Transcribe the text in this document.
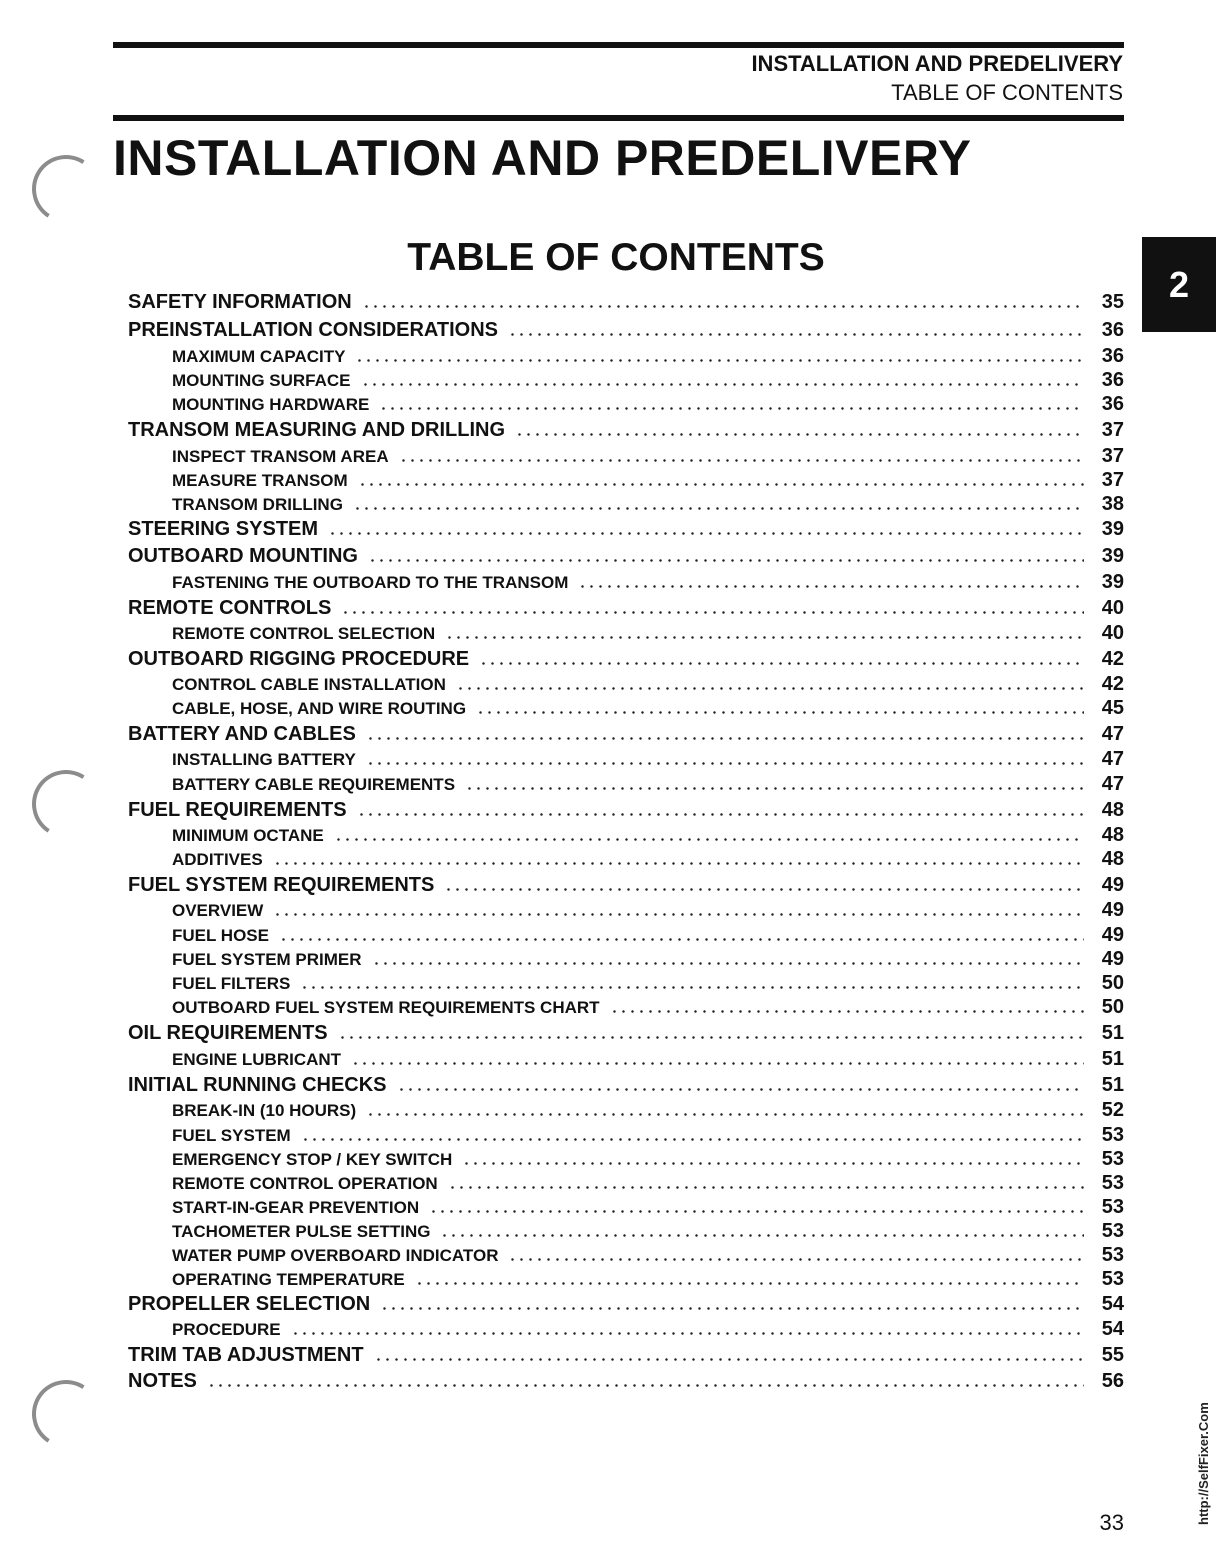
INSTALLATION AND PREDELIVERY
TABLE OF CONTENTS
INSTALLATION AND PREDELIVERY
TABLE OF CONTENTS
2
SAFETY INFORMATION	35
PREINSTALLATION CONSIDERATIONS	36
MAXIMUM CAPACITY	36
MOUNTING SURFACE	36
MOUNTING HARDWARE	36
TRANSOM MEASURING AND DRILLING	37
INSPECT TRANSOM AREA	37
MEASURE TRANSOM	37
TRANSOM DRILLING	38
STEERING SYSTEM	39
OUTBOARD MOUNTING	39
FASTENING THE OUTBOARD TO THE TRANSOM	39
REMOTE CONTROLS	40
REMOTE CONTROL SELECTION	40
OUTBOARD RIGGING PROCEDURE	42
CONTROL CABLE INSTALLATION	42
CABLE, HOSE, AND WIRE ROUTING	45
BATTERY AND CABLES	47
INSTALLING BATTERY	47
BATTERY CABLE REQUIREMENTS	47
FUEL REQUIREMENTS	48
MINIMUM OCTANE	48
ADDITIVES	48
FUEL SYSTEM REQUIREMENTS	49
OVERVIEW	49
FUEL HOSE	49
FUEL SYSTEM PRIMER	49
FUEL FILTERS	50
OUTBOARD FUEL SYSTEM REQUIREMENTS CHART	50
OIL REQUIREMENTS	51
ENGINE LUBRICANT	51
INITIAL RUNNING CHECKS	51
BREAK-IN (10 HOURS)	52
FUEL SYSTEM	53
EMERGENCY STOP / KEY SWITCH	53
REMOTE CONTROL OPERATION	53
START-IN-GEAR PREVENTION	53
TACHOMETER PULSE SETTING	53
WATER PUMP OVERBOARD INDICATOR	53
OPERATING TEMPERATURE	53
PROPELLER SELECTION	54
PROCEDURE	54
TRIM TAB ADJUSTMENT	55
NOTES	56
33	http://SelfFixer.Com
